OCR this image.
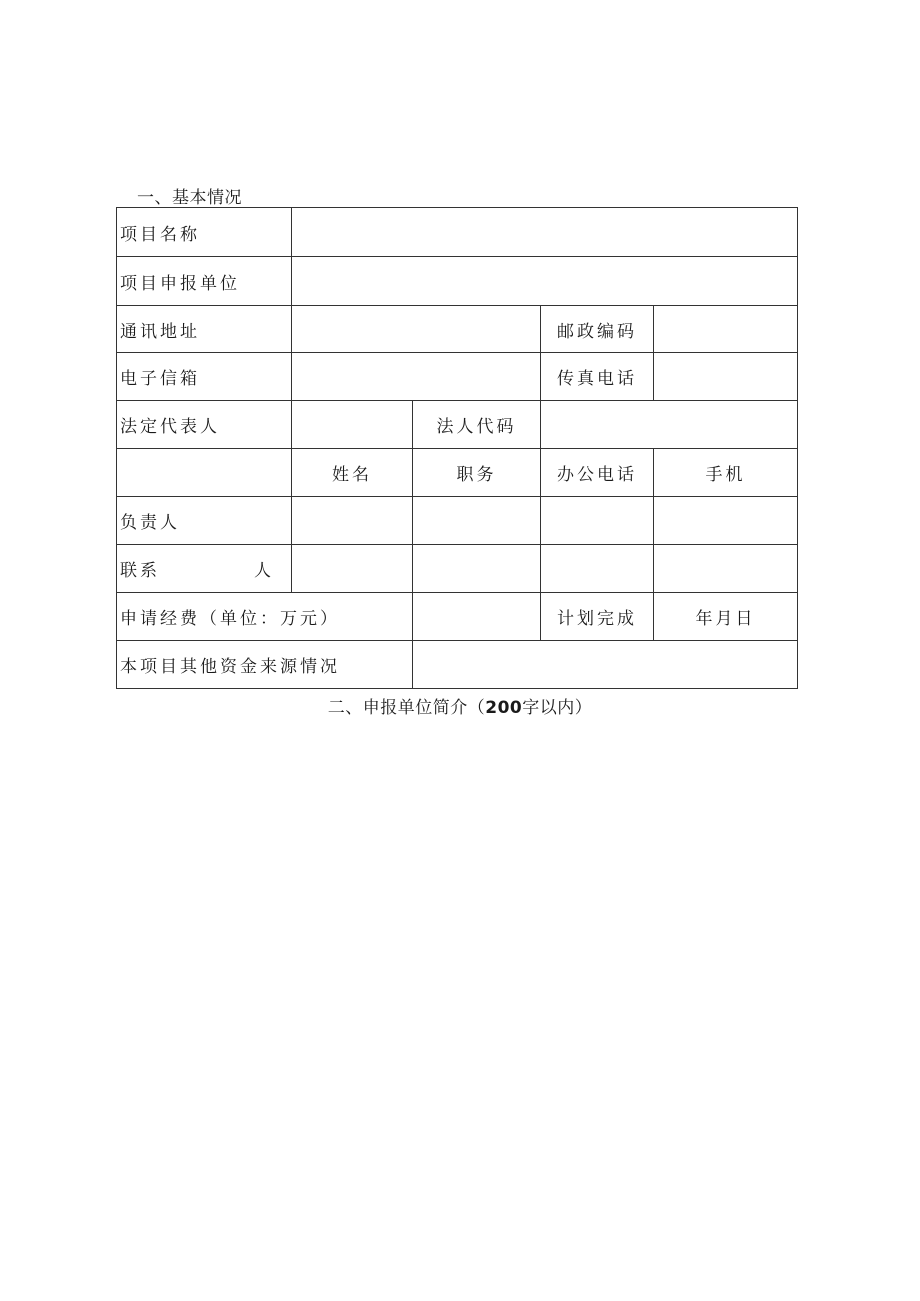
一、基本情况
项目名称				
项目申报单位				
通讯地址			邮政编码	
电子信箱			传真电话	
法定代表人		法人代码		
	姓名	职务	办公电话	手机
负责人				

联系 人				

申请经费（单位：万元）			计划完成	年月日
本项目其他资金来源情况				
二、申报单位简介（200字以内）
